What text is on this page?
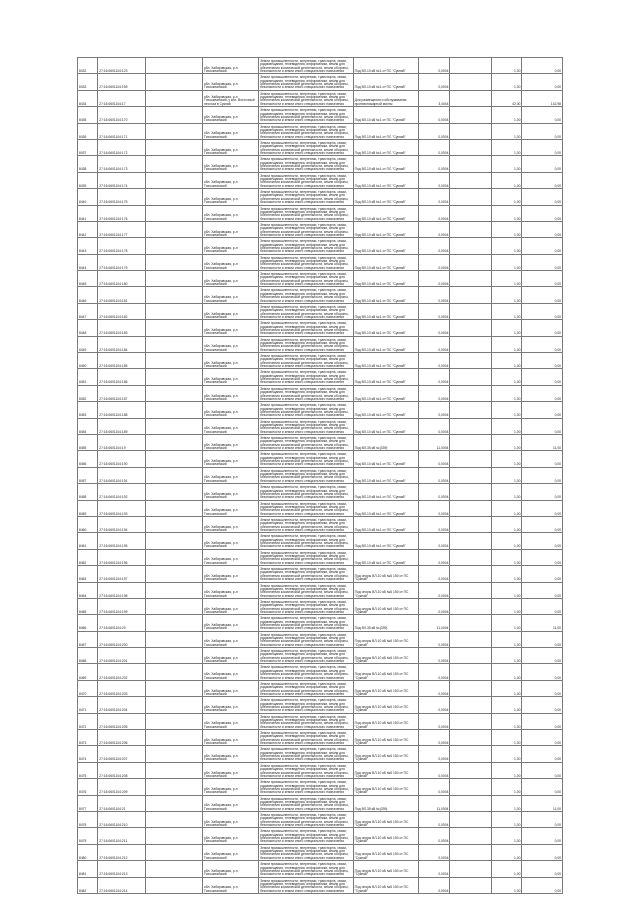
8432	27:16:0601104:123		обл. Хабаровская, р-н Тихоокеанский	Земли промышленности, энергетики, транспорта, связи, радиовещания, телевидения, информатики, земли для обеспечения космической деятельности, земли обороны, безопасности и земли иного специального назначения	Под ВЛ-10 кВ №1 от ПС "Сукпай"	0,0004		1,00	0,00
8433	27:16:0601104:159		обл. Хабаровская, р-н Тихоокеанский	Земли промышленности, энергетики, транспорта, связи, радиовещания, телевидения, информатики, земли для обеспечения космической деятельности, земли обороны, безопасности и земли иного специального назначения	Под ВЛ-10 кВ №1 от ПС "Сукпай"	0,0004		1,00	0,00
8434	27:16:0601104:17		обл. Хабаровская, р-н Тихоокеанский, у кол. Восточный лесхоза в Сукпай	Земли промышленности, энергетики, транспорта, связи, радиовещания, телевидения, информатики, земли для обеспечения космической деятельности, земли обороны, безопасности и земли иного специального назначения	Для размещения и обслуживания противопожарной мачты	3,4044		42,00	142,98
8435	27:16:0601104:170		обл. Хабаровская, р-н Тихоокеанский	Земли промышленности, энергетики, транспорта, связи, радиовещания, телевидения, информатики, земли для обеспечения космической деятельности, земли обороны, безопасности и земли иного специального назначения	Под ВЛ-10 кВ №1 от ПС "Сукпай"	0,0004		1,00	0,00
8436	27:16:0601104:171		обл. Хабаровская, р-н Тихоокеанский	Земли промышленности, энергетики, транспорта, связи, радиовещания, телевидения, информатики, земли для обеспечения космической деятельности, земли обороны, безопасности и земли иного специального назначения	Под ВЛ-10 кВ №1 от ПС "Сукпай"	0,0004		1,00	0,00
8437	27:16:0601104:172		обл. Хабаровская, р-н Тихоокеанский	Земли промышленности, энергетики, транспорта, связи, радиовещания, телевидения, информатики, земли для обеспечения космической деятельности, земли обороны, безопасности и земли иного специального назначения	Под ВЛ-10 кВ №1 от ПС "Сукпай"	0,0004		1,00	0,00
8438	27:16:0601104:173		обл. Хабаровская, р-н Тихоокеанский	Земли промышленности, энергетики, транспорта, связи, радиовещания, телевидения, информатики, земли для обеспечения космической деятельности, земли обороны, безопасности и земли иного специального назначения	Под ВЛ-10 кВ №1 от ПС "Сукпай"	0,0004		1,00	0,00
8439	27:16:0601104:174		обл. Хабаровская, р-н Тихоокеанский	Земли промышленности, энергетики, транспорта, связи, радиовещания, телевидения, информатики, земли для обеспечения космической деятельности, земли обороны, безопасности и земли иного специального назначения	Под ВЛ-10 кВ №1 от ПС "Сукпай"	0,0004		1,00	0,00
8440	27:16:0601104:175		обл. Хабаровская, р-н Тихоокеанский	Земли промышленности, энергетики, транспорта, связи, радиовещания, телевидения, информатики, земли для обеспечения космической деятельности, земли обороны, безопасности и земли иного специального назначения	Под ВЛ-10 кВ №1 от ПС "Сукпай"	0,0004		1,00	0,00
8441	27:16:0601104:176		обл. Хабаровская, р-н Тихоокеанский	Земли промышленности, энергетики, транспорта, связи, радиовещания, телевидения, информатики, земли для обеспечения космической деятельности, земли обороны, безопасности и земли иного специального назначения	Под ВЛ-10 кВ №1 от ПС "Сукпай"	0,0004		1,00	0,00
8442	27:16:0601104:177		обл. Хабаровская, р-н Тихоокеанский	Земли промышленности, энергетики, транспорта, связи, радиовещания, телевидения, информатики, земли для обеспечения космической деятельности, земли обороны, безопасности и земли иного специального назначения	Под ВЛ-10 кВ №1 от ПС "Сукпай"	0,0004		1,00	0,00
8443	27:16:0601104:178		обл. Хабаровская, р-н Тихоокеанский	Земли промышленности, энергетики, транспорта, связи, радиовещания, телевидения, информатики, земли для обеспечения космической деятельности, земли обороны, безопасности и земли иного специального назначения	Под ВЛ-10 кВ №1 от ПС "Сукпай"	0,0004		1,00	0,00
8444	27:16:0601104:179		обл. Хабаровская, р-н Тихоокеанский	Земли промышленности, энергетики, транспорта, связи, радиовещания, телевидения, информатики, земли для обеспечения космической деятельности, земли обороны, безопасности и земли иного специального назначения	Под ВЛ-10 кВ №1 от ПС "Сукпай"	0,0004		1,00	0,00
8445	27:16:0601104:180		обл. Хабаровская, р-н Тихоокеанский	Земли промышленности, энергетики, транспорта, связи, радиовещания, телевидения, информатики, земли для обеспечения космической деятельности, земли обороны, безопасности и земли иного специального назначения	Под ВЛ-10 кВ №1 от ПС "Сукпай"	0,0004		1,00	0,00
8446	27:16:0601104:181		обл. Хабаровская, р-н Тихоокеанский	Земли промышленности, энергетики, транспорта, связи, радиовещания, телевидения, информатики, земли для обеспечения космической деятельности, земли обороны, безопасности и земли иного специального назначения	Под ВЛ-10 кВ №1 от ПС "Сукпай"	0,0004		1,00	0,00
8447	27:16:0601104:182		обл. Хабаровская, р-н Тихоокеанский	Земли промышленности, энергетики, транспорта, связи, радиовещания, телевидения, информатики, земли для обеспечения космической деятельности, земли обороны, безопасности и земли иного специального назначения	Под ВЛ-10 кВ №1 от ПС "Сукпай"	0,0004		1,00	0,00
8448	27:16:0601104:183		обл. Хабаровская, р-н Тихоокеанский	Земли промышленности, энергетики, транспорта, связи, радиовещания, телевидения, информатики, земли для обеспечения космической деятельности, земли обороны, безопасности и земли иного специального назначения	Под ВЛ-10 кВ №1 от ПС "Сукпай"	0,0004		1,00	0,00
8449	27:16:0601104:184		обл. Хабаровская, р-н Тихоокеанский	Земли промышленности, энергетики, транспорта, связи, радиовещания, телевидения, информатики, земли для обеспечения космической деятельности, земли обороны, безопасности и земли иного специального назначения	Под ВЛ-10 кВ №1 от ПС "Сукпай"	0,0004		1,00	0,00
8450	27:16:0601104:185		обл. Хабаровская, р-н Тихоокеанский	Земли промышленности, энергетики, транспорта, связи, радиовещания, телевидения, информатики, земли для обеспечения космической деятельности, земли обороны, безопасности и земли иного специального назначения	Под ВЛ-10 кВ №1 от ПС "Сукпай"	0,0004		1,00	0,00
8451	27:16:0601104:186		обл. Хабаровская, р-н Тихоокеанский	Земли промышленности, энергетики, транспорта, связи, радиовещания, телевидения, информатики, земли для обеспечения космической деятельности, земли обороны, безопасности и земли иного специального назначения	Под ВЛ-10 кВ №1 от ПС "Сукпай"	0,0004		1,00	0,00
8452	27:16:0601104:187		обл. Хабаровская, р-н Тихоокеанский	Земли промышленности, энергетики, транспорта, связи, радиовещания, телевидения, информатики, земли для обеспечения космической деятельности, земли обороны, безопасности и земли иного специального назначения	Под ВЛ-10 кВ №1 от ПС "Сукпай"	0,0004		1,00	0,00
8453	27:16:0601104:188		обл. Хабаровская, р-н Тихоокеанский	Земли промышленности, энергетики, транспорта, связи, радиовещания, телевидения, информатики, земли для обеспечения космической деятельности, земли обороны, безопасности и земли иного специального назначения	Под ВЛ-10 кВ №1 от ПС "Сукпай"	0,0004		1,00	0,00
8454	27:16:0601104:189		обл. Хабаровская, р-н Тихоокеанский	Земли промышленности, энергетики, транспорта, связи, радиовещания, телевидения, информатики, земли для обеспечения космической деятельности, земли обороны, безопасности и земли иного специального назначения	Под ВЛ-10 кВ №1 от ПС "Сукпай"	0,0004		1,00	0,00
8455	27:16:0601104:19		обл. Хабаровская, р-н Тихоокеанский	Земли промышленности, энергетики, транспорта, связи, радиовещания, телевидения, информатики, земли для обеспечения космической деятельности, земли обороны, безопасности и земли иного специального назначения	Под ВЛ-35 кВ №(339)	11,0004		1,00	11,00
8456	27:16:0601104:190		обл. Хабаровская, р-н Тихоокеанский	Земли промышленности, энергетики, транспорта, связи, радиовещания, телевидения, информатики, земли для обеспечения космической деятельности, земли обороны, безопасности и земли иного специального назначения	Под ВЛ-10 кВ №1 от ПС "Сукпай"	0,0004		1,00	0,00
8457	27:16:0601104:191		обл. Хабаровская, р-н Тихоокеанский	Земли промышленности, энергетики, транспорта, связи, радиовещания, телевидения, информатики, земли для обеспечения космической деятельности, земли обороны, безопасности и земли иного специального назначения	Под ВЛ-10 кВ №1 от ПС "Сукпай"	0,0004		1,00	0,00
8458	27:16:0601104:192		обл. Хабаровская, р-н Тихоокеанский	Земли промышленности, энергетики, транспорта, связи, радиовещания, телевидения, информатики, земли для обеспечения космической деятельности, земли обороны, безопасности и земли иного специального назначения	Под ВЛ-10 кВ №1 от ПС "Сукпай"	0,0004		1,00	0,00
8459	27:16:0601104:193		обл. Хабаровская, р-н Тихоокеанский	Земли промышленности, энергетики, транспорта, связи, радиовещания, телевидения, информатики, земли для обеспечения космической деятельности, земли обороны, безопасности и земли иного специального назначения	Под ВЛ-10 кВ №1 от ПС "Сукпай"	0,0004		1,00	0,00
8460	27:16:0601104:194		обл. Хабаровская, р-н Тихоокеанский	Земли промышленности, энергетики, транспорта, связи, радиовещания, телевидения, информатики, земли для обеспечения космической деятельности, земли обороны, безопасности и земли иного специального назначения	Под ВЛ-10 кВ №1 от ПС "Сукпай"	0,0004		1,00	0,00
8461	27:16:0601104:195		обл. Хабаровская, р-н Тихоокеанский	Земли промышленности, энергетики, транспорта, связи, радиовещания, телевидения, информатики, земли для обеспечения космической деятельности, земли обороны, безопасности и земли иного специального назначения	Под ВЛ-10 кВ №1 от ПС "Сукпай"	0,0004		1,00	0,00
8462	27:16:0601104:196		обл. Хабаровская, р-н Тихоокеанский	Земли промышленности, энергетики, транспорта, связи, радиовещания, телевидения, информатики, земли для обеспечения космической деятельности, земли обороны, безопасности и земли иного специального назначения	Под ВЛ-10 кВ №1 от ПС "Сукпай"	0,0004		1,00	0,00
8463	27:16:0601104:197		обл. Хабаровская, р-н Тихоокеанский	Земли промышленности, энергетики, транспорта, связи, радиовещания, телевидения, информатики, земли для обеспечения космической деятельности, земли обороны, безопасности и земли иного специального назначения	Под опоры ВЛ-10 кВ №6 150 от ПС "Сукпай"	0,0004		1,00	0,00
8464	27:16:0601104:198		обл. Хабаровская, р-н Тихоокеанский	Земли промышленности, энергетики, транспорта, связи, радиовещания, телевидения, информатики, земли для обеспечения космической деятельности, земли обороны, безопасности и земли иного специального назначения	Под опоры ВЛ-10 кВ №6 150 от ПС "Сукпай"	0,0004		1,00	0,00
8465	27:16:0601104:199		обл. Хабаровская, р-н Тихоокеанский	Земли промышленности, энергетики, транспорта, связи, радиовещания, телевидения, информатики, земли для обеспечения космической деятельности, земли обороны, безопасности и земли иного специального назначения	Под опоры ВЛ-10 кВ №6 150 от ПС "Сукпай"	0,0004		1,00	0,00
8466	27:16:0601104:20		обл. Хабаровская, р-н Тихоокеанский	Земли промышленности, энергетики, транспорта, связи, радиовещания, телевидения, информатики, земли для обеспечения космической деятельности, земли обороны, безопасности и земли иного специального назначения	Под ВЛ-35 кВ №(339)	11,0004		1,00	11,00
8467	27:16:0601104:200		обл. Хабаровская, р-н Тихоокеанский	Земли промышленности, энергетики, транспорта, связи, радиовещания, телевидения, информатики, земли для обеспечения космической деятельности, земли обороны, безопасности и земли иного специального назначения	Под опоры ВЛ-10 кВ №6 150 от ПС "Сукпай"	0,0004		1,00	0,00
8468	27:16:0601104:201		обл. Хабаровская, р-н Тихоокеанский	Земли промышленности, энергетики, транспорта, связи, радиовещания, телевидения, информатики, земли для обеспечения космической деятельности, земли обороны, безопасности и земли иного специального назначения	Под опоры ВЛ-10 кВ №6 150 от ПС "Сукпай"	0,0004		1,00	0,00
8469	27:16:0601104:202		обл. Хабаровская, р-н Тихоокеанский	Земли промышленности, энергетики, транспорта, связи, радиовещания, телевидения, информатики, земли для обеспечения космической деятельности, земли обороны, безопасности и земли иного специального назначения	Под опоры ВЛ-10 кВ №6 150 от ПС "Сукпай"	0,0004		1,00	0,00
8470	27:16:0601104:203		обл. Хабаровская, р-н Тихоокеанский	Земли промышленности, энергетики, транспорта, связи, радиовещания, телевидения, информатики, земли для обеспечения космической деятельности, земли обороны, безопасности и земли иного специального назначения	Под опоры ВЛ-10 кВ №6 150 от ПС "Сукпай"	0,0004		1,00	0,00
8471	27:16:0601104:204		обл. Хабаровская, р-н Тихоокеанский	Земли промышленности, энергетики, транспорта, связи, радиовещания, телевидения, информатики, земли для обеспечения космической деятельности, земли обороны, безопасности и земли иного специального назначения	Под опоры ВЛ-10 кВ №6 150 от ПС "Сукпай"	0,0004		1,00	0,00
8472	27:16:0601104:205		обл. Хабаровская, р-н Тихоокеанский	Земли промышленности, энергетики, транспорта, связи, радиовещания, телевидения, информатики, земли для обеспечения космической деятельности, земли обороны, безопасности и земли иного специального назначения	Под опоры ВЛ-10 кВ №6 150 от ПС "Сукпай"	0,0004		1,00	0,00
8473	27:16:0601104:206		обл. Хабаровская, р-н Тихоокеанский	Земли промышленности, энергетики, транспорта, связи, радиовещания, телевидения, информатики, земли для обеспечения космической деятельности, земли обороны, безопасности и земли иного специального назначения	Под опоры ВЛ-10 кВ №6 150 от ПС "Сукпай"	0,0004		1,00	0,00
8474	27:16:0601104:207		обл. Хабаровская, р-н Тихоокеанский	Земли промышленности, энергетики, транспорта, связи, радиовещания, телевидения, информатики, земли для обеспечения космической деятельности, земли обороны, безопасности и земли иного специального назначения	Под опоры ВЛ-10 кВ №6 150 от ПС "Сукпай"	0,0004		1,00	0,00
8475	27:16:0601104:208		обл. Хабаровская, р-н Тихоокеанский	Земли промышленности, энергетики, транспорта, связи, радиовещания, телевидения, информатики, земли для обеспечения космической деятельности, земли обороны, безопасности и земли иного специального назначения	Под опоры ВЛ-10 кВ №6 150 от ПС "Сукпай"	0,0004		1,00	0,00
8476	27:16:0601104:209		обл. Хабаровская, р-н Тихоокеанский	Земли промышленности, энергетики, транспорта, связи, радиовещания, телевидения, информатики, земли для обеспечения космической деятельности, земли обороны, безопасности и земли иного специального назначения	Под опоры ВЛ-10 кВ №6 150 от ПС "Сукпай"	0,0004		1,00	0,00
8477	27:16:0601104:21		обл. Хабаровская, р-н Тихоокеанский	Земли промышленности, энергетики, транспорта, связи, радиовещания, телевидения, информатики, земли для обеспечения космической деятельности, земли обороны, безопасности и земли иного специального назначения	Под ВЛ-35 кВ №(339)	11,0004		1,00	11,00
8478	27:16:0601104:210		обл. Хабаровская, р-н Тихоокеанский	Земли промышленности, энергетики, транспорта, связи, радиовещания, телевидения, информатики, земли для обеспечения космической деятельности, земли обороны, безопасности и земли иного специального назначения	Под опоры ВЛ-10 кВ №6 150 от ПС "Сукпай"	0,0004		1,00	0,00
8479	27:16:0601104:211		обл. Хабаровская, р-н Тихоокеанский	Земли промышленности, энергетики, транспорта, связи, радиовещания, телевидения, информатики, земли для обеспечения космической деятельности, земли обороны, безопасности и земли иного специального назначения	Под опоры ВЛ-10 кВ №6 150 от ПС "Сукпай"	0,0004		1,00	0,00
8480	27:16:0601104:212		обл. Хабаровская, р-н Тихоокеанский	Земли промышленности, энергетики, транспорта, связи, радиовещания, телевидения, информатики, земли для обеспечения космической деятельности, земли обороны, безопасности и земли иного специального назначения	Под опоры ВЛ-10 кВ №6 150 от ПС "Сукпай"	0,0004		1,00	0,00
8481	27:16:0601104:213		обл. Хабаровская, р-н Тихоокеанский	Земли промышленности, энергетики, транспорта, связи, радиовещания, телевидения, информатики, земли для обеспечения космической деятельности, земли обороны, безопасности и земли иного специального назначения	Под опоры ВЛ-10 кВ №6 150 от ПС "Сукпай"	0,0004		1,00	0,00
8482	27:16:0601104:214		обл. Хабаровская, р-н Тихоокеанский	Земли промышленности, энергетики, транспорта, связи, радиовещания, телевидения, информатики, земли для обеспечения космической деятельности, земли обороны, безопасности и земли иного специального назначения	Под опоры ВЛ-10 кВ №6 150 от ПС "Сукпай"	0,0004		1,00	0,00
